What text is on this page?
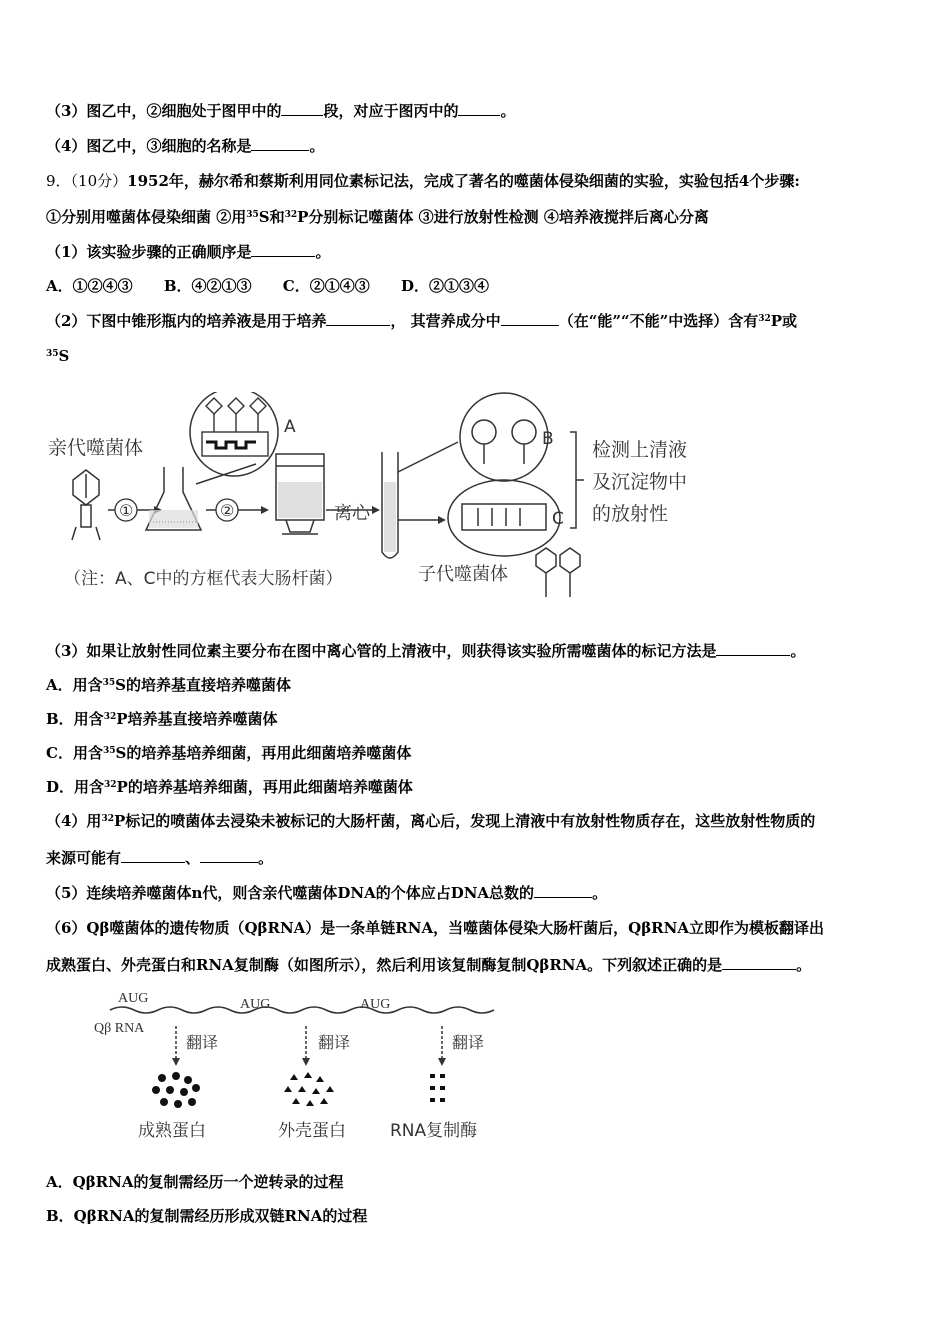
（3）图乙中，②细胞处于图甲中的	段，对应于图丙中的	。
（4）图乙中，③细胞的名称是	。
9．（10分）1952年，赫尔希和蔡斯利用同位素标记法，完成了著名的噬菌体侵染细菌的实验，实验包括4个步骤:
①分别用噬菌体侵染细菌 ②用$^{35}$S和$^{32}$P分别标记噬菌体 ③进行放射性检测 ④培养液搅拌后离心分离
（1）该实验步骤的正确顺序是	。
A．①②④③ B．④②①③ C．②①④③ D．②①③④
（2）下图中锥形瓶内的培养液是用于培养	， 其营养成分中	（在“能”“不能”中选择）含有$^{32}$P或
$^{35}$S
亲代噬菌体
①	②
A
离心
B
C
检测上清液
及沉淀物中
的放射性
子代噬菌体
（注：A、C中的方框代表大肠杆菌）
（3）如果让放射性同位素主要分布在图中离心管的上清液中，则获得该实验所需噬菌体的标记方法是	。
A．用含$^{35}$S的培养基直接培养噬菌体
B．用含$^{32}$P培养基直接培养噬菌体
C．用含$^{35}$S的培养基培养细菌，再用此细菌培养噬菌体
D．用含$^{32}$P的培养基培养细菌，再用此细菌培养噬菌体
（4）用$^{32}$P标记的喷菌体去浸染未被标记的大肠杆菌，离心后，发现上清液中有放射性物质存在，这些放射性物质的
来源可能有	、	。
（5）连续培养噬菌体n代，则含亲代噬菌体DNA的个体应占DNA总数的	。
（6）Qβ噬菌体的遗传物质（QβRNA）是一条单链RNA，当噬菌体侵染大肠杆菌后，QβRNA立即作为模板翻译出
成熟蛋白、外壳蛋白和RNA复制酶（如图所示），然后利用该复制酶复制QβRNA。下列叙述正确的是	。
Qβ RNA
AUG	AUG	AUG
翻译	翻译	翻译
成熟蛋白	外壳蛋白	RNA复制酶
A．QβRNA的复制需经历一个逆转录的过程
B．QβRNA的复制需经历形成双链RNA的过程
